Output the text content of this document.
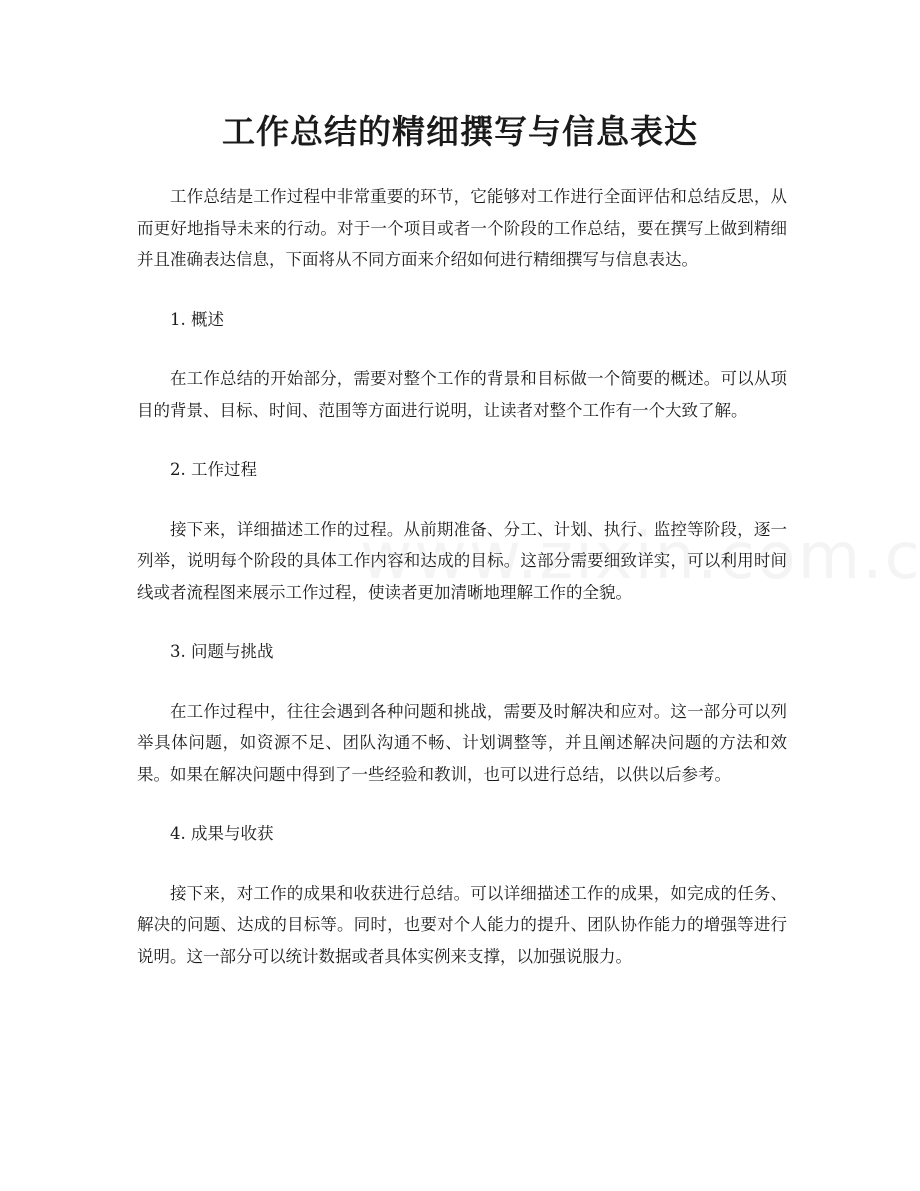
工作总结的精细撰写与信息表达

工作总结是工作过程中非常重要的环节，它能够对工作进行全面评估和总结反思，从而更好地指导未来的行动。对于一个项目或者一个阶段的工作总结，要在撰写上做到精细并且准确表达信息，下面将从不同方面来介绍如何进行精细撰写与信息表达。

1. 概述

在工作总结的开始部分，需要对整个工作的背景和目标做一个简要的概述。可以从项目的背景、目标、时间、范围等方面进行说明，让读者对整个工作有一个大致了解。

2. 工作过程

接下来，详细描述工作的过程。从前期准备、分工、计划、执行、监控等阶段，逐一列举，说明每个阶段的具体工作内容和达成的目标。这部分需要细致详实，可以利用时间线或者流程图来展示工作过程，使读者更加清晰地理解工作的全貌。

3. 问题与挑战

在工作过程中，往往会遇到各种问题和挑战，需要及时解决和应对。这一部分可以列举具体问题，如资源不足、团队沟通不畅、计划调整等，并且阐述解决问题的方法和效果。如果在解决问题中得到了一些经验和教训，也可以进行总结，以供以后参考。

4. 成果与收获

接下来，对工作的成果和收获进行总结。可以详细描述工作的成果，如完成的任务、解决的问题、达成的目标等。同时，也要对个人能力的提升、团队协作能力的增强等进行说明。这一部分可以统计数据或者具体实例来支撑，以加强说服力。
